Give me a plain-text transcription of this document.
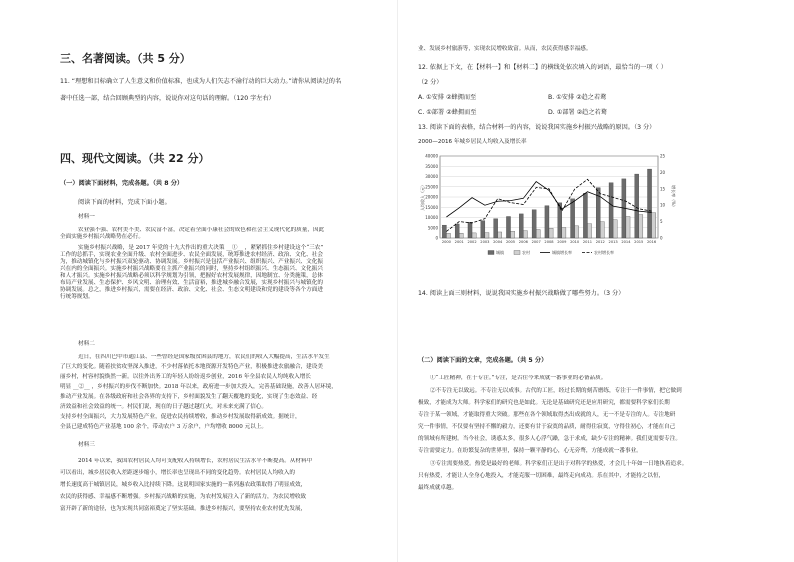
三、名著阅读。（共 5 分）
11. “理想和目标确立了人生意义和价值标准，也成为人们矢志不渝行动的巨大动力。”请你从阅读过的名
著中任选一部，结合回顾典型的内容，说说你对这句话的理解。（120 字左右）
四、现代文阅读。（共 22 分）
（一）阅读下面材料，完成各题。（共 8 分）
阅读下面的材料，完成下面小题。
材料一
农业强不强、农村美不美、农民富不富，决定着全面小康社会的成色和社会主义现代化的质量，因此
全面实施乡村振兴战略势在必行。
实施乡村振兴战略，是 2017 年党的十九大作出的重大决策 __①__ ，紧紧抓住乡村建设这个“三农”
工作的总抓手，实现农业全面升级、农村全面进步、农民全面发展，统筹推进农村经济、政治、文化、社会
为，推动城镇化与乡村振兴双轮驱动、协调发展。乡村振兴是包括产业振兴、组织振兴、产业振兴、文化振
兴在内的全面振兴。实施乡村振兴战略要在主抓产业振兴的同时，坚持乡村组织振兴、生态振兴、文化振兴
和人才振兴。实施乡村振兴战略必须以科学规划为引领，把握好农村发展规律，因地制宜、分类施策，总体
布局产业发展、生态保护、乡风文明、治理有效、生活富裕，推进城乡融合发展，实现乡村振兴与城镇化的
协调发展。总之，推进乡村振兴，需要在经济、政治、文化、社会、生态文明建设和党的建设等各个方面进
行统筹规划。
材料二
近日，在四川巴中市通江县、一些曾经是国家级贫困县的地方，农民们的收入大幅提高，生活水平发生
了巨大的变化。随着扶贫攻坚深入推进，不少村落依托本地资源开发特色产业，积极推进农旅融合，建设美
丽乡村，村容村貌焕然一新。以往外出务工的年轻人纷纷返乡创业，2016 年全县农民人均纯收入增长
明显 __②__ ，乡村振兴的步伐不断加快。2018 年以来，政府进一步加大投入，完善基础设施，改善人居环境，
推动产业发展。在各级政府和社会各界的支持下，乡村面貌发生了翻天覆地的变化，实现了生态效益、经
济效益和社会效益的统一。村民们说，现在的日子越过越红火，对未来充满了信心。
支持乡村全面振兴，大力发展特色产业，促进农民持续增收，推动乡村发展取得新成效。据统计，
全县已建成特色产业基地 100 余个，带动农户 3 万余户，户均增收 8000 元以上。
材料三
2014 年以来，我国农村居民人均可支配收入持续增长，农村居民生活水平不断提高。从材料中
可以看出，城乡居民收入差距逐步缩小，增长率也呈现出不同的变化趋势。农村居民人均收入的
增长速度高于城镇居民，城乡收入比持续下降。这说明国家实施的一系列惠农政策取得了明显成效，
农民的获得感、幸福感不断增强。乡村振兴战略的实施，为农村发展注入了新的活力，为农民增收致
富开辟了新的途径，也为实现共同富裕奠定了坚实基础。推进乡村振兴，要坚持农业农村优先发展，
业、发展乡村旅游等，实现农民增收致富。从而，农民获得感幸福感。
12. 依据上下文，在【材料一】和【材料二】的横线处依次填入的词语，最恰当的一项（ ）
（2 分）
A. ①安排 ②蜂拥而至	B. ①安排 ②趋之若鹜
C. ①部署 ②蜂拥而至	D. ①部署 ②趋之若鹜
13. 阅读下面的表格，结合材料一的内容，说说我国实施乡村振兴战略的原因。（3 分）
2000—2016 年城乡居民人均收入及增长率
0
5000
10000
15000
20000
25000
30000
35000
40000
0
5
10
15
20
25
人均收入（元）	增长率（%）
2000 2001 2002 2003 2004 2005 2006 2007 2008 2009 2010 2011 2012 2013 2014 2015 2016
城镇	农村	城镇增长率	农村增长率
14. 阅读上面三则材料，说说我国实施乡村振兴战略做了哪些努力。（3 分）
（二）阅读下面的文章，完成各题。（共 5 分）
①“工匠精神，在于专注。”专注，是古往今来成就一番事业的必备品质。
②不专注无以致远。不专注无以成事。古代的工匠，经过长期的刻苦磨练，专注于一件事情，把它做到
极致，才能成为大师。科学家们的研究也是如此。无论是基础研究还是应用研究，都需要科学家们长期
专注于某一领域，才能取得重大突破。那些在各个领域取得杰出成就的人，无一不是专注的人。专注地研
究一件事情，不仅要有坚持不懈的毅力，还要有甘于寂寞的品质，耐得住寂寞，守得住初心，才能在自己
的领域有所建树。当今社会，诱惑太多，很多人心浮气躁，急于求成，缺少专注的精神。我们更需要专注。
专注需要定力。在纷繁复杂的世界里，保持一颗平静的心，心无旁骛，方能成就一番事业。
③专注需要热爱。热爱是最好的老师。科学家们正是出于对科学的热爱，才会几十年如一日地执着追求。
只有热爱，才能让人全身心地投入，才能克服一切困难，最终走向成功。乐在其中，才能持之以恒，
最终成就卓越。
